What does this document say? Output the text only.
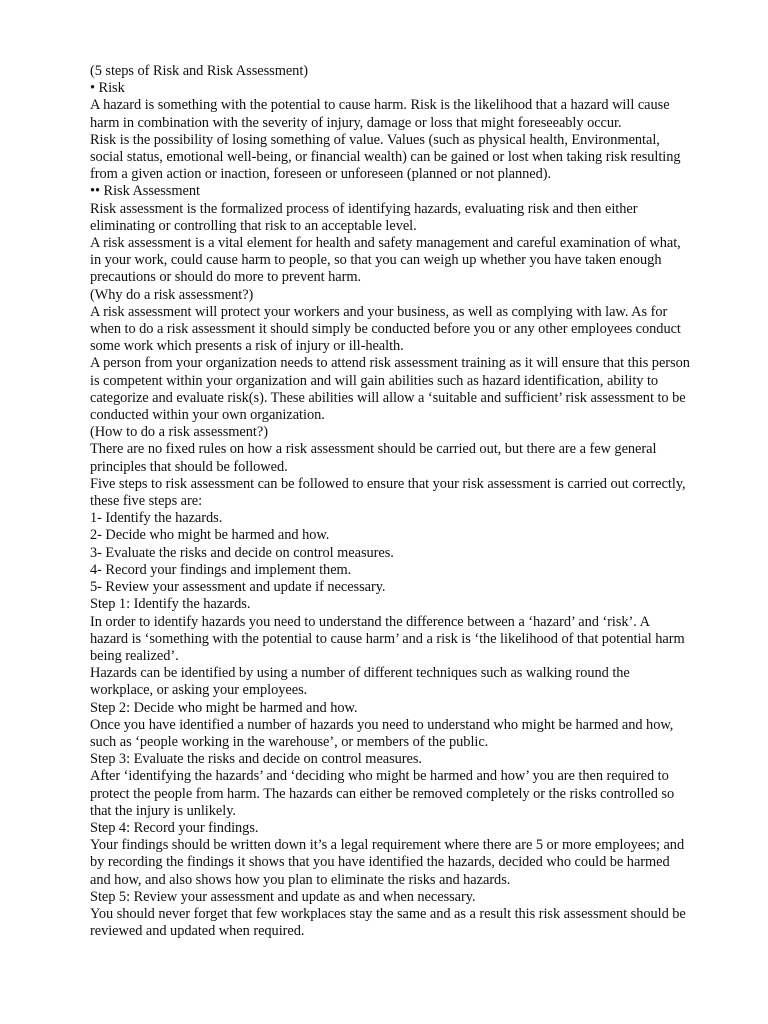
(5 steps of Risk and Risk Assessment)

• Risk

A hazard is something with the potential to cause harm. Risk is the likelihood that a hazard will cause harm in combination with the severity of injury, damage or loss that might foreseeably occur.

Risk is the possibility of losing something of value. Values (such as physical health, Environmental, social status, emotional well-being, or financial wealth) can be gained or lost when taking risk resulting from a given action or inaction, foreseen or unforeseen (planned or not planned).

•• Risk Assessment

Risk assessment is the formalized process of identifying hazards, evaluating risk and then either eliminating or controlling that risk to an acceptable level.

A risk assessment is a vital element for health and safety management and careful examination of what, in your work, could cause harm to people, so that you can weigh up whether you have taken enough precautions or should do more to prevent harm.

(Why do a risk assessment?)

A risk assessment will protect your workers and your business, as well as complying with law. As for when to do a risk assessment it should simply be conducted before you or any other employees conduct some work which presents a risk of injury or ill-health.

A person from your organization needs to attend risk assessment training as it will ensure that this person is competent within your organization and will gain abilities such as hazard identification, ability to categorize and evaluate risk(s). These abilities will allow a ‘suitable and sufficient’ risk assessment to be conducted within your own organization.

(How to do a risk assessment?)

There are no fixed rules on how a risk assessment should be carried out, but there are a few general principles that should be followed.

Five steps to risk assessment can be followed to ensure that your risk assessment is carried out correctly, these five steps are:

1- Identify the hazards.

2- Decide who might be harmed and how.

3- Evaluate the risks and decide on control measures.

4- Record your findings and implement them.

5- Review your assessment and update if necessary.

Step 1: Identify the hazards.

In order to identify hazards you need to understand the difference between a ‘hazard’ and ‘risk’. A hazard is ‘something with the potential to cause harm’ and a risk is ‘the likelihood of that potential harm being realized’.

Hazards can be identified by using a number of different techniques such as walking round the workplace, or asking your employees.

Step 2: Decide who might be harmed and how.

Once you have identified a number of hazards you need to understand who might be harmed and how, such as ‘people working in the warehouse’, or members of the public.

Step 3: Evaluate the risks and decide on control measures.

After ‘identifying the hazards’ and ‘deciding who might be harmed and how’ you are then required to protect the people from harm. The hazards can either be removed completely or the risks controlled so that the injury is unlikely.

Step 4: Record your findings.

Your findings should be written down it’s a legal requirement where there are 5 or more employees; and by recording the findings it shows that you have identified the hazards, decided who could be harmed and how, and also shows how you plan to eliminate the risks and hazards.

Step 5: Review your assessment and update as and when necessary.

You should never forget that few workplaces stay the same and as a result this risk assessment should be reviewed and updated when required.
